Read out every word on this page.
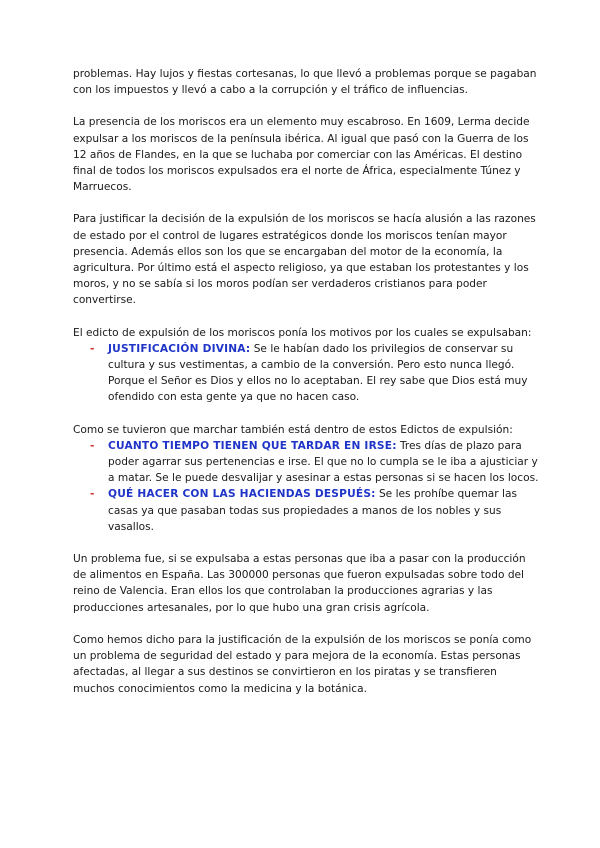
problemas. Hay lujos y fiestas cortesanas, lo que llevó a problemas porque se pagaban con los impuestos y llevó a cabo a la corrupción y el tráfico de influencias.

La presencia de los moriscos era un elemento muy escabroso. En 1609, Lerma decide expulsar a los moriscos de la península ibérica. Al igual que pasó con la Guerra de los 12 años de Flandes, en la que se luchaba por comerciar con las Américas. El destino final de todos los moriscos expulsados era el norte de África, especialmente Túnez y Marruecos.

Para justificar la decisión de la expulsión de los moriscos se hacía alusión a las razones de estado por el control de lugares estratégicos donde los moriscos tenían mayor presencia. Además ellos son los que se encargaban del motor de la economía, la agricultura. Por último está el aspecto religioso, ya que estaban los protestantes y los moros, y no se sabía si los moros podían ser verdaderos cristianos para poder convertirse.

El edicto de expulsión de los moriscos ponía los motivos por los cuales se expulsaban:

- JUSTIFICACIÓN DIVINA: Se le habían dado los privilegios de conservar su cultura y sus vestimentas, a cambio de la conversión. Pero esto nunca llegó. Porque el Señor es Dios y ellos no lo aceptaban. El rey sabe que Dios está muy ofendido con esta gente ya que no hacen caso.

Como se tuvieron que marchar también está dentro de estos Edictos de expulsión:

- CUANTO TIEMPO TIENEN QUE TARDAR EN IRSE: Tres días de plazo para poder agarrar sus pertenencias e irse. El que no lo cumpla se le iba a ajusticiar y a matar. Se le puede desvalijar y asesinar a estas personas si se hacen los locos.
- QUÉ HACER CON LAS HACIENDAS DESPUÉS: Se les prohíbe quemar las casas ya que pasaban todas sus propiedades a manos de los nobles y sus vasallos.

Un problema fue, si se expulsaba a estas personas que iba a pasar con la producción de alimentos en España. Las 300000 personas que fueron expulsadas sobre todo del reino de Valencia. Eran ellos los que controlaban la producciones agrarias y las producciones artesanales, por lo que hubo una gran crisis agrícola.

Como hemos dicho para la justificación de la expulsión de los moriscos se ponía como un problema de seguridad del estado y para mejora de la economía. Estas personas afectadas, al llegar a sus destinos se convirtieron en los piratas y se transfieren muchos conocimientos como la medicina y la botánica.
